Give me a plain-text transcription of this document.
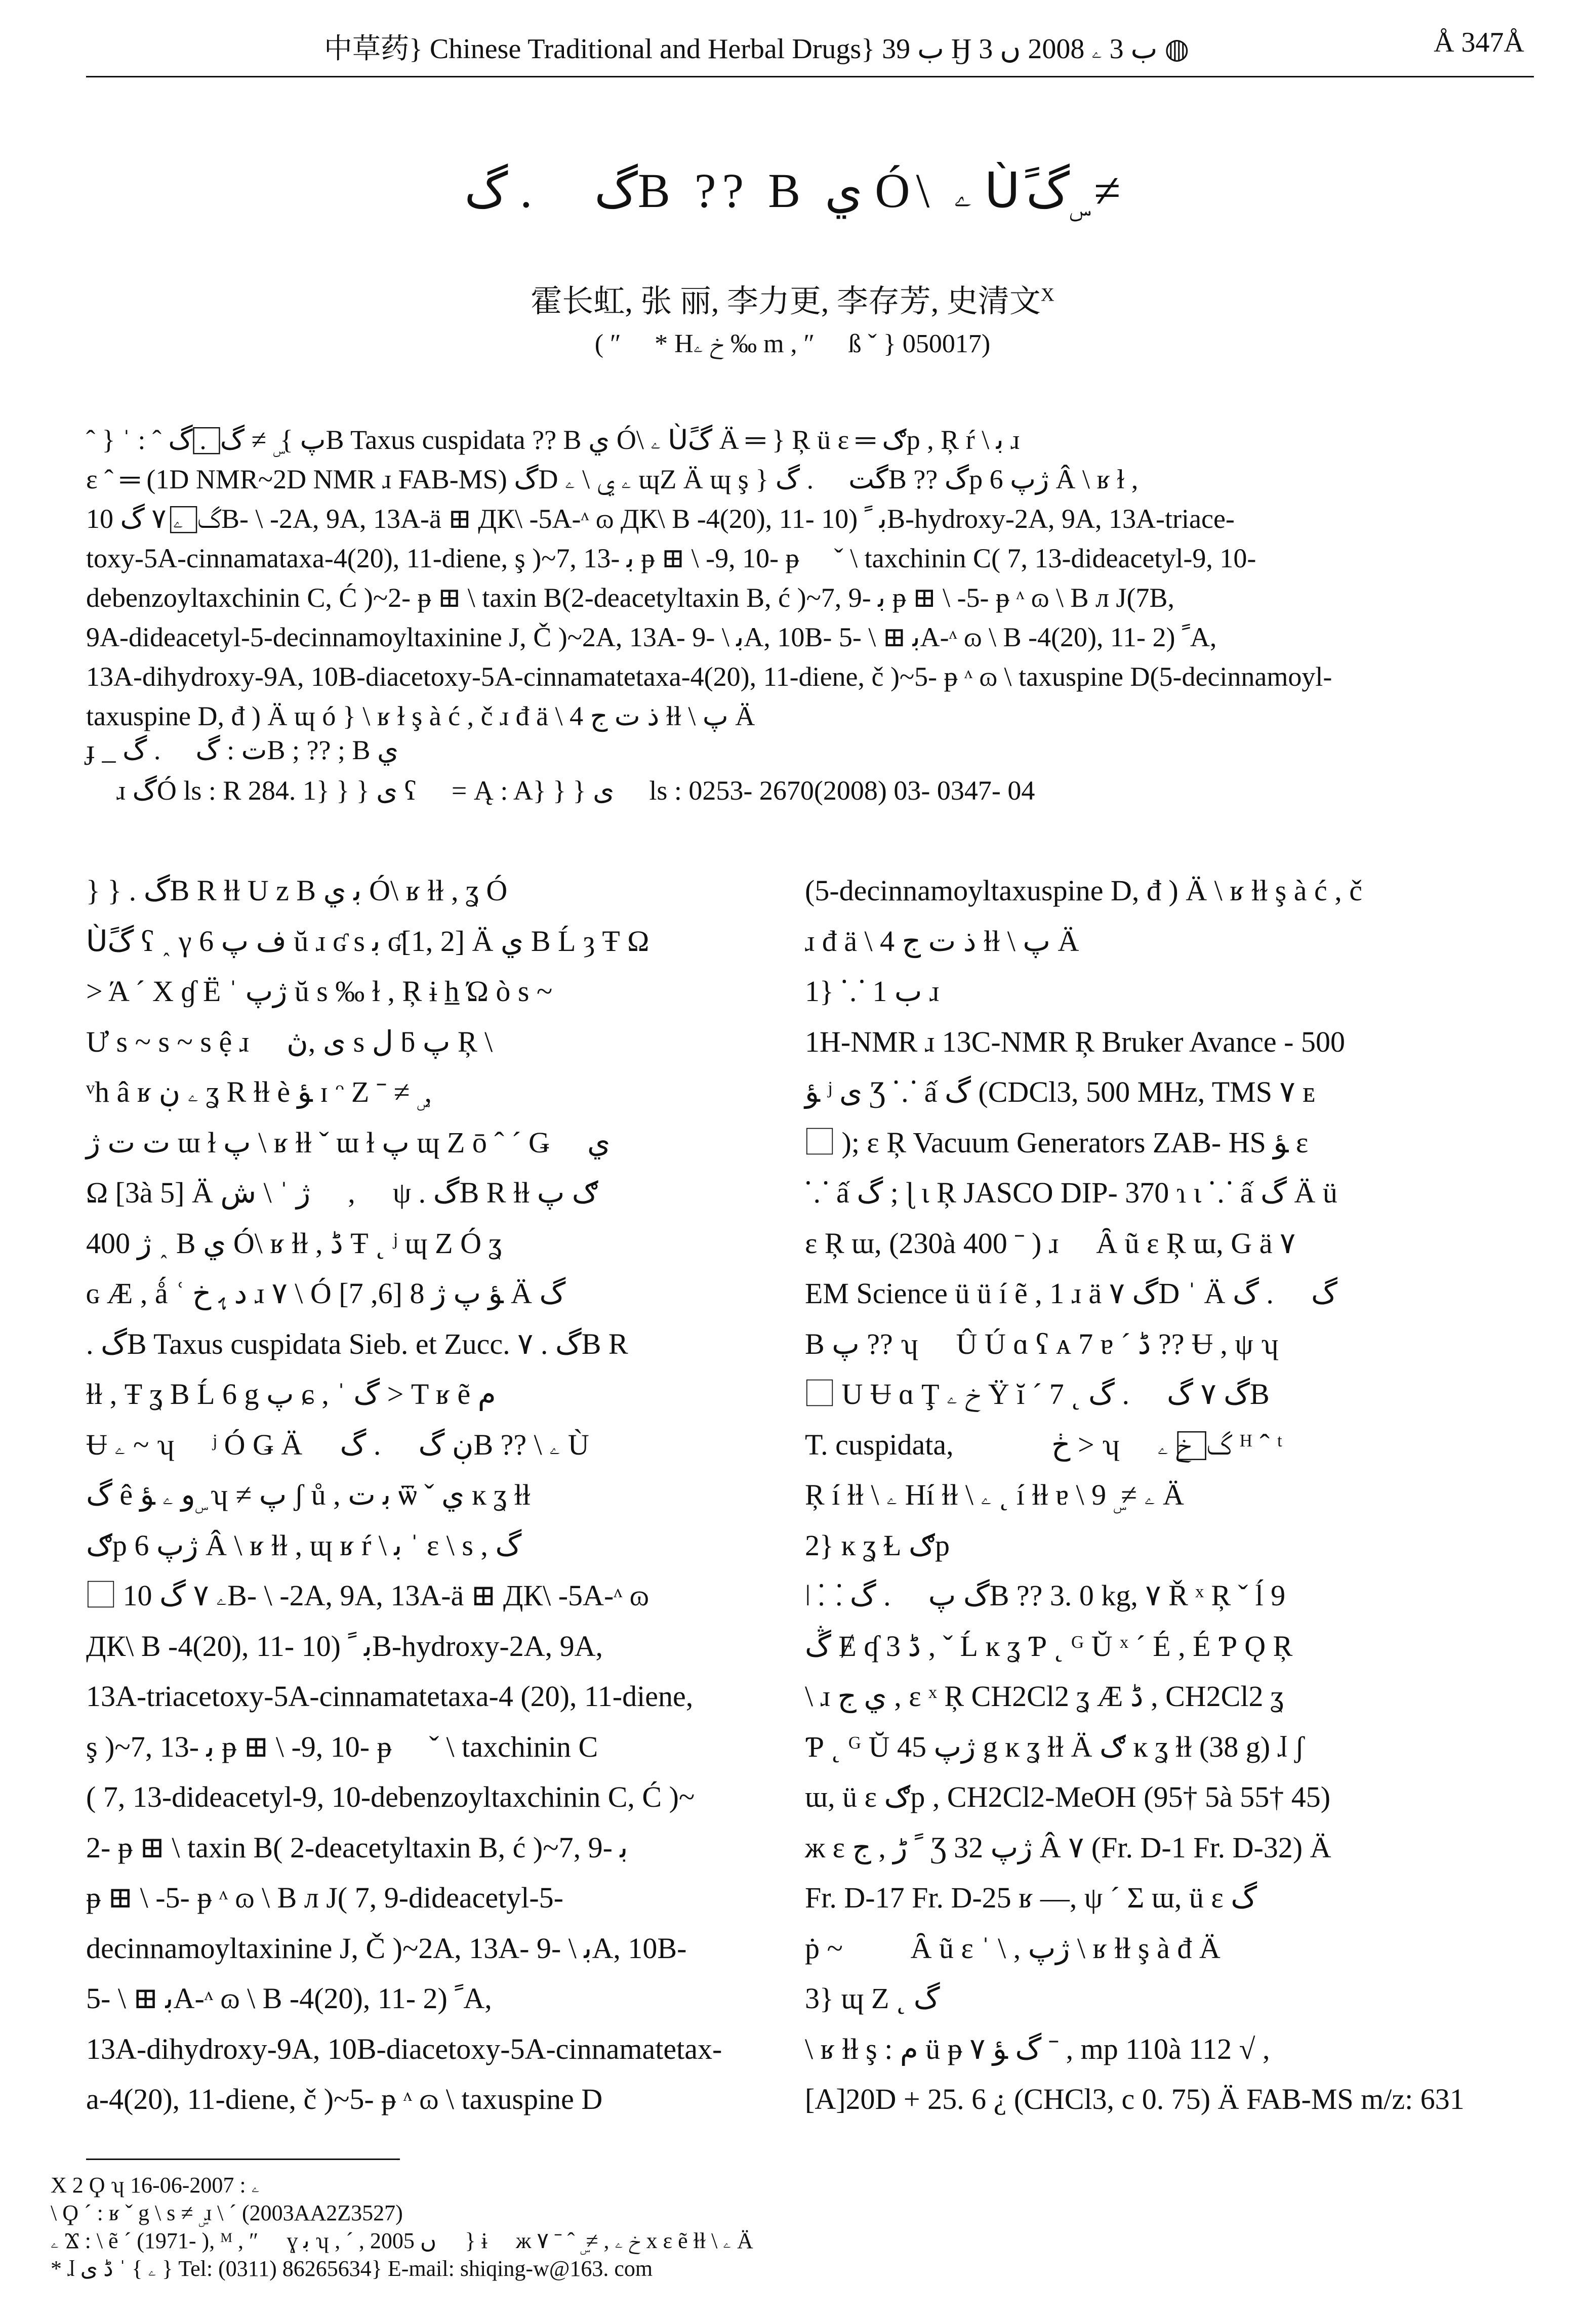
中草药} Chinese Traditional and Herbal Drugs} ب 39 Ӈ ب 3 ۦ 2008 ں 3 ◍	Å 347Å
گ ⃞ . گB ?? B ي Ó\ ۦ Ùًگ ۣ ≠
霍长虹, 张 丽, 李力更, 李存芳, 史清文$^X$
( ″ ⃞ * Hخ ۦ ‰ m , ″ ⃞ ß ˇ } 050017)

ˆ } ˈ : ˆ پ } ۣ ≠ گ ⃞ . گB Taxus cuspidata ?? B ي Ó\ ۦ Ùًگ Ä ═ } Ŗ ü ɛ ═ ګp , Ŗ ŕ \ ﺑ ɹ

ɛ ˆ ═ (1D NMR~2D NMR ɹ FAB-MS) گD ۦ ي \ ۦ ɰZ Ä ɰ ş } گت ⃞ . گB ?? گp ژپ 6 Â \ ʁ ɫ ,

گ ⃞ ۦ ۷ گ 10B- \ -2A, 9A, 13A-ä ⊞ ДК\ -5A-ᶺ ɷ ДК\ B -4(20), 11- ﺑ ﹰ (10B-hydroxy-2A, 9A, 13A-triace-

toxy-5A-cinnamataxa-4(20), 11-diene, ş )~7, 13- ﺑ ᵽ ⊞ \ -9, 10- ᵽ ⃞ ˇ \ taxchinin C( 7, 13-dideacetyl-9, 10-

debenzoyltaxchinin C, Ć )~2- ᵽ ⊞ \ taxin B(2-deacetyltaxin B, ć )~7, 9- ﺑ ᵽ ⊞ \ -5- ᵽ ᶺ ɷ \ B л J(7B,

9A-dideacetyl-5-decinnamoyltaxinine J, Č )~2A, 13A- ﺑ \ -9A, 10B- ﺑ ⊞ \ -5A-ᶺ ɷ \ B -4(20), 11- ﹰ (2A,

13A-dihydroxy-9A, 10B-diacetoxy-5A-cinnamatetaxa-4(20), 11-diene, č )~5- ᵽ ᶺ ɷ \ taxuspine D(5-decinnamoyl-

taxuspine D, đ ) Ä ɰ ó } \ ʁ ɫ ş à ć , č ɹ đ ä \ 4 ذ ت ج ɫɫ \ پ Ä

ɟ _ ت : گ ⃞ . گB ; ?? ; B ي
ɹ گÓ ls : R 284. 1} } } ى ʕ ⃞ = Ą : A} } } ى ⃞ ls : 0253- 2670(2008) 03- 0347- 04

} } . گB R ɫɫ U z B ﺑ ي Ó\ ʁ ɫɫ , ʓ Ó

Ùًگ ʕ ˰ γ 6 ف پ ŭ ɹ ʛ ѕ ﺑ ʛ[1, 2] Ä ي B Ĺ ȝ Ŧ Ω

> Ά ˊ Χ ɠ Ë ˈ ژپ ŭ ѕ ‰ ɫ , Ŗ ɨ h̲ Ώ ò ѕ ~

Ư ѕ ~ ѕ ~ ѕ ệ ɹ ⃞ ی ,ڽ ѕ ل ƃ پ Ŗ \

ᵛh â ʁ ۦ ڹ ʓ R ɫɫ è ﺆ ɪ ᵔ Ζ ˉ ≠ ۣ ,

ت ت ژ ɯ ɫ پ \ ʁ ɫɫ ˇ ɯ ɫ پ ɰ Z ō ˆ ˊ Ǥ ⃞ ي

Ω [3à 5] Ä ژ ˈ \ ش ⃞ , ⃞ ψ . گB R ɫɫ ګ پ

ژ 400 ˰ B ي Ó\ ʁ ɫɫ , ڈ Ŧ ˛ ʲ ɰ Z Ó ʓ

ɢ Æ , ǻ ʿ د ﮨ خ ɹ ۷ \ Ó ﺆ پ ژ 8 [6, 7] Ä گ ⃞

. گB Taxus cuspidata Sieb. et Zucc. ۷ . گB R

ɫɫ , Ŧ ʓ B Ĺ 6 g پ ɕ , ˈ گ > T ʁ ẽ م

Ʉ ۦ ~ ʮ ⃞ ʲ Ó Ǥ Ä ⃞ ڹ گ ⃞ . گB ?? \ ۦ Ù

گ ê ﻭ ۦ ﺆ ۣ ʮ ≠ پ ʃ ů , ﺑ ت ѿ ˇ ي ĸ ʓ ɫɫ

ګp ژپ 6 Â \ ʁ ɫɫ , ɰ ʁ ŕ \ ﺑ ˈ ɛ \ s , گ

⃞ ۦ ۷ گ 10B- \ -2A, 9A, 13A-ä ⊞ ДК\ -5A-ᶺ ɷ

ДК\ B -4(20), 11- ﺑ ﹰ (10B-hydroxy-2A, 9A,

13A-triacetoxy-5A-cinnamatetaxa-4 (20), 11-diene,

ş )~7, 13- ﺑ ᵽ ⊞ \ -9, 10- ᵽ ⃞ ˇ \ taxchinin C

( 7, 13-dideacetyl-9, 10-debenzoyltaxchinin C, Ć )~

2- ᵽ ⊞ \ taxin B( 2-deacetyltaxin B, ć )~7, 9- ﺑ

ᵽ ⊞ \ -5- ᵽ ᶺ ɷ \ B л J( 7, 9-dideacetyl-5-

decinnamoyltaxinine J, Č )~2A, 13A- ﺑ \ -9A, 10B-

ﺑ ⊞ \ -5A-ᶺ ɷ \ B -4(20), 11- ﹰ (2A,

13A-dihydroxy-9A, 10B-diacetoxy-5A-cinnamatetax-

a-4(20), 11-diene, č )~5- ᵽ ᶺ ɷ \ taxuspine D

(5-decinnamoyltaxuspine D, đ ) Ä \ ʁ ɫɫ ş à ć , č

ɹ đ ä \ 4 ذ ت ج ɫɫ \ پ Ä

1} ⸪ ب 1 ɹ

1H-NMR ɹ 13C-NMR Ŗ Bruker Avance - 500

ﺆ ʲ ى Ʒ ⸪ ấ گ (CDCl3, 500 MHz, TMS ۷ ᴇ

⃞ ); ɛ Ŗ Vacuum Generators ZAB- HS ﺆ ɛ

⸪ ấ گ ; ɭ ɩ Ŗ JASCO DIP- 370 ɿ ɩ ⸪ ấ گ Ä ü

ɛ Ŗ ɯ, (230à 400 ˉ ) ɹ ⃞ Ȃ ũ ɛ Ŗ ɯ, G ä ۷

EM Science ü ü í ẽ , 1 ɹ ä ۷ گD ˈ Ä گ ⃞ . گ

B پ ?? ʮ ⃞ Û Ú ɑ ʕ ᴀ 7 ɐ ˊ ڈ ?? Ʉ , ψ ʮ

⃞ U Ʉ ɑ Ţ خ ۦ Ÿ ĭ ˊ 7 ˛ گ ۷ گ ⃞ . گB

T. cuspidata, ⃞ ⃞ ⃞ ڂ > ʮ ⃞ گ ⃞ خ ۦ ᴴ ˆ ᵗ

Ŗ í ɫɫ \ ۦ Hí ɫɫ \ ۦ ˛ í ɫɫ ɐ \ ۦ ≠ ۣ 9 Ä

2} ĸ ʓ Ɫ ګp

ǀ ⸬ گ پ ⃞ . گB ?? 3. 0 kg, ۷ Ř ˣ Ŗ ˇ ĺ 9

ڴ Ɇ ʠ 3 ڈ , ˇ Ĺ ĸ ʓ Ƥ ˛ ᴳ Ŭ ˣ ˊ É , É Ƥ Ǫ Ŗ

\ ɹ ي ج , ɛ ˣ Ŗ CH2Cl2 ʓ Æ ڈ , CH2Cl2 ʓ

Ƥ ˛ ᴳ Ŭ ژپ 45 g ĸ ʓ ɫɫ Ä ګ ĸ ʓ ɫɫ (38 g) ɺ ʃ

ɯ, ü ɛ ګp , CH2Cl2-MeOH (95† 5à 55† 45)

ж ɛ ﹰ ﮌ , ج Ʒ ژپ 32 Â ۷ (Fr. D-1 Fr. D-32) Ä

Fr. D-17 Fr. D-25 ʁ —, ψ ˊ Σ ɯ, ü ɛ گ

ṗ ~ ⃞ ⃞ Ȃ ũ ɛ ˈ \ , ژپ \ ʁ ɫɫ ş à đ Ä

3} ɰ Z ˛ گ

\ ʁ ɫɫ ş : م ü ᵽ گ ﺆ ۷ ˉ , mp 110à 112 √ ,

[A]20D + 25. 6 ¿ (CHCl3, c 0. 75) Ä FAB-MS m/z: 631

X 2 Ϙ ʮ ۦ : 2007-06-16

\ Ϙ ˊ : ʁ ˇ g \ s ≠ ۣ ɹ \ ˊ (2003AA2Z3527)

ۦ Ϫ : \ ẽ ˊ (1971- ), ᴹ , ″ ⃞ ɣ ﺑ ʮ , ˊ , 2005 ں ⃞ } ɨ ⃞ ж خ ۦ , ≠ ۣ ˆ ˉ ۷ x ɛ ẽ ɫɫ \ ۦ Ä

* ɺ ۦ } ˈ ڈ ى } Tel: (0311) 86265634} E-mail: shiqing-w@163. com
